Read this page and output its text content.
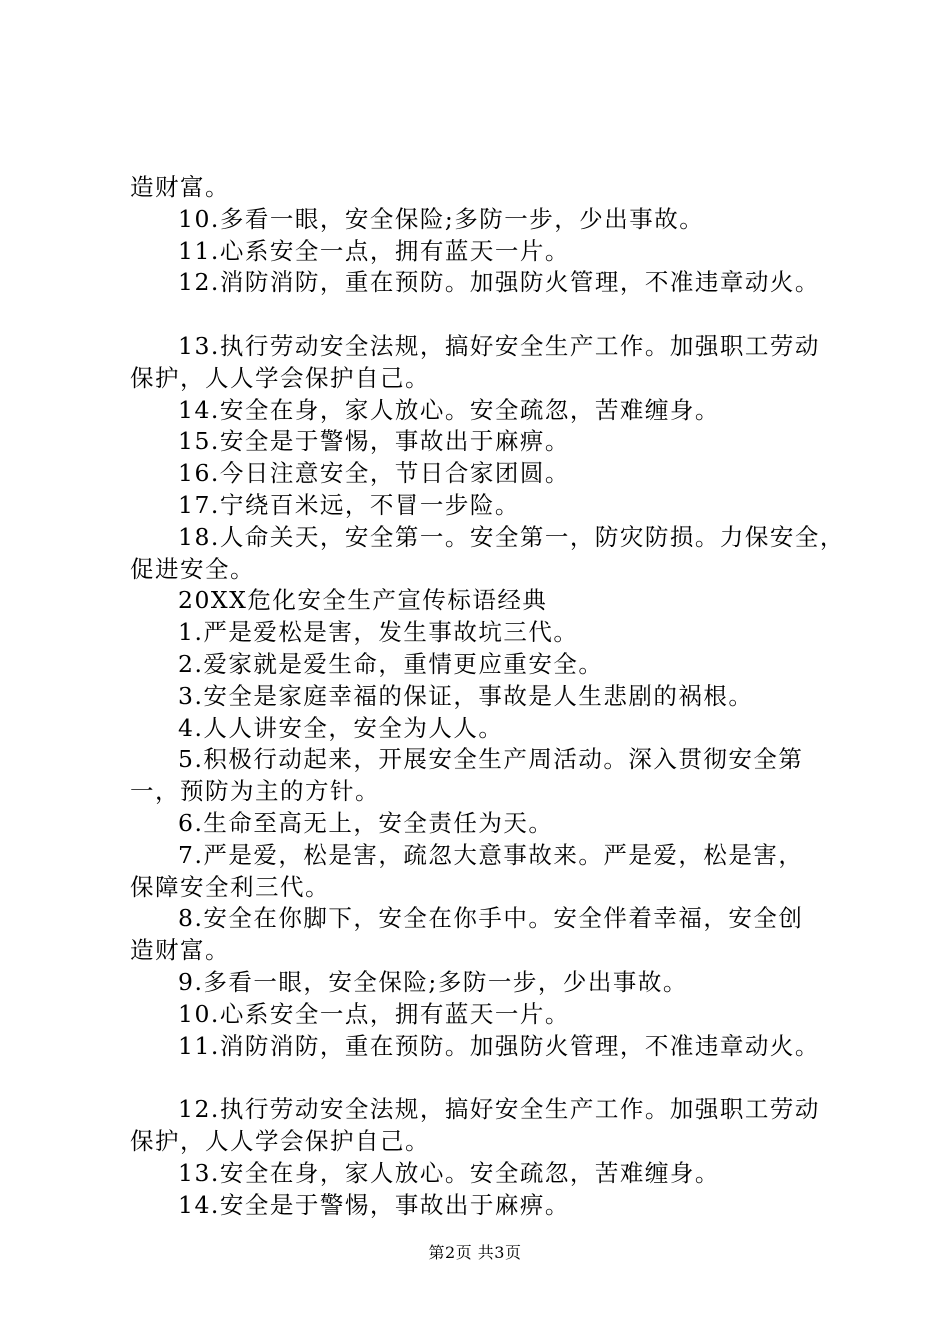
造财富。
10.多看一眼，安全保险;多防一步，少出事故。
11.心系安全一点，拥有蓝天一片。
12.消防消防，重在预防。加强防火管理，不准违章动火。
13.执行劳动安全法规，搞好安全生产工作。加强职工劳动
保护，人人学会保护自己。
14.安全在身，家人放心。安全疏忽，苦难缠身。
15.安全是于警惕，事故出于麻痹。
16.今日注意安全，节日合家团圆。
17.宁绕百米远，不冒一步险。
18.人命关天，安全第一。安全第一，防灾防损。力保安全，
促进安全。
20XX危化安全生产宣传标语经典
1.严是爱松是害，发生事故坑三代。
2.爱家就是爱生命，重情更应重安全。
3.安全是家庭幸福的保证，事故是人生悲剧的祸根。
4.人人讲安全，安全为人人。
5.积极行动起来，开展安全生产周活动。深入贯彻安全第
一，预防为主的方针。
6.生命至高无上，安全责任为天。
7.严是爱，松是害，疏忽大意事故来。严是爱，松是害，
保障安全利三代。
8.安全在你脚下，安全在你手中。安全伴着幸福，安全创
造财富。
9.多看一眼，安全保险;多防一步，少出事故。
10.心系安全一点，拥有蓝天一片。
11.消防消防，重在预防。加强防火管理，不准违章动火。
12.执行劳动安全法规，搞好安全生产工作。加强职工劳动
保护，人人学会保护自己。
13.安全在身，家人放心。安全疏忽，苦难缠身。
14.安全是于警惕，事故出于麻痹。
第2页 共3页
